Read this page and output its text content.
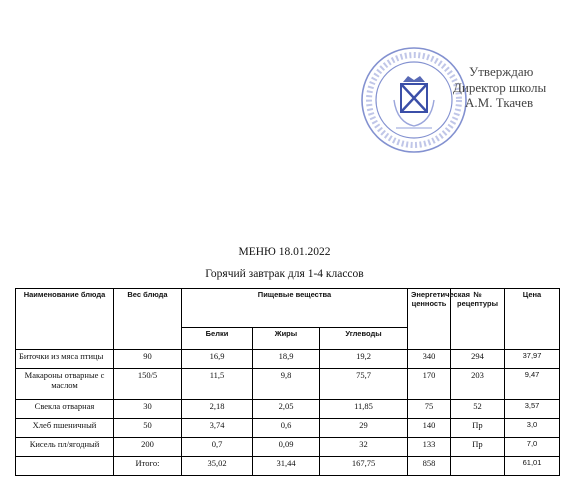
Утверждаю
Директор школы
А.М. Ткачев
МЕНЮ 18.01.2022
Горячий завтрак для 1-4 классов
Наименование блюда	Вес блюда	Пищевые вещества			Энергетическая ценность	№ рецептуры	Цена
		Белки	Жиры	Углеводы			
Биточки из мяса птицы	90	16,9	18,9	19,2	340	294	37,97
Макароны отварные с маслом	150/5	11,5	9,8	75,7	170	203	9,47
Свекла отварная	30	2,18	2,05	11,85	75	52	3,57
Хлеб пшеничный	50	3,74	0,6	29	140	Пр	3,0
Кисель пл/ягодный	200	0,7	0,09	32	133	Пр	7,0
	Итого:	35,02	31,44	167,75	858		61,01
